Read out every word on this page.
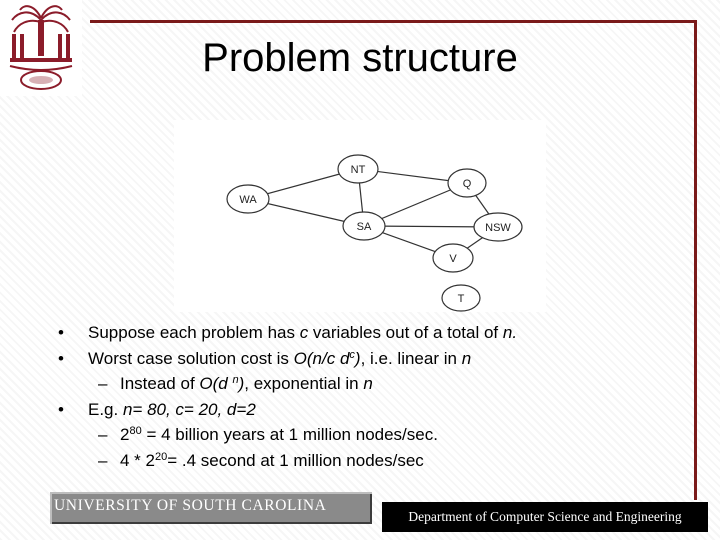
Problem structure
NT
Q
WA
SA	NSW
V
T
• Suppose each problem has c variables out of a total of n.
• Worst case solution cost is O(n/c $d^c$), i.e. linear in n
– Instead of O(d $^n$), exponential in n
• E.g. n= 80, c= 20, d=2
– $2^{80} = 4$ billion years at 1 million nodes/sec.
– $4 * 2^{20}= .4$ second at 1 million nodes/sec
UNIVERSITY OF SOUTH CAROLINA
Department of Computer Science and Engineering
